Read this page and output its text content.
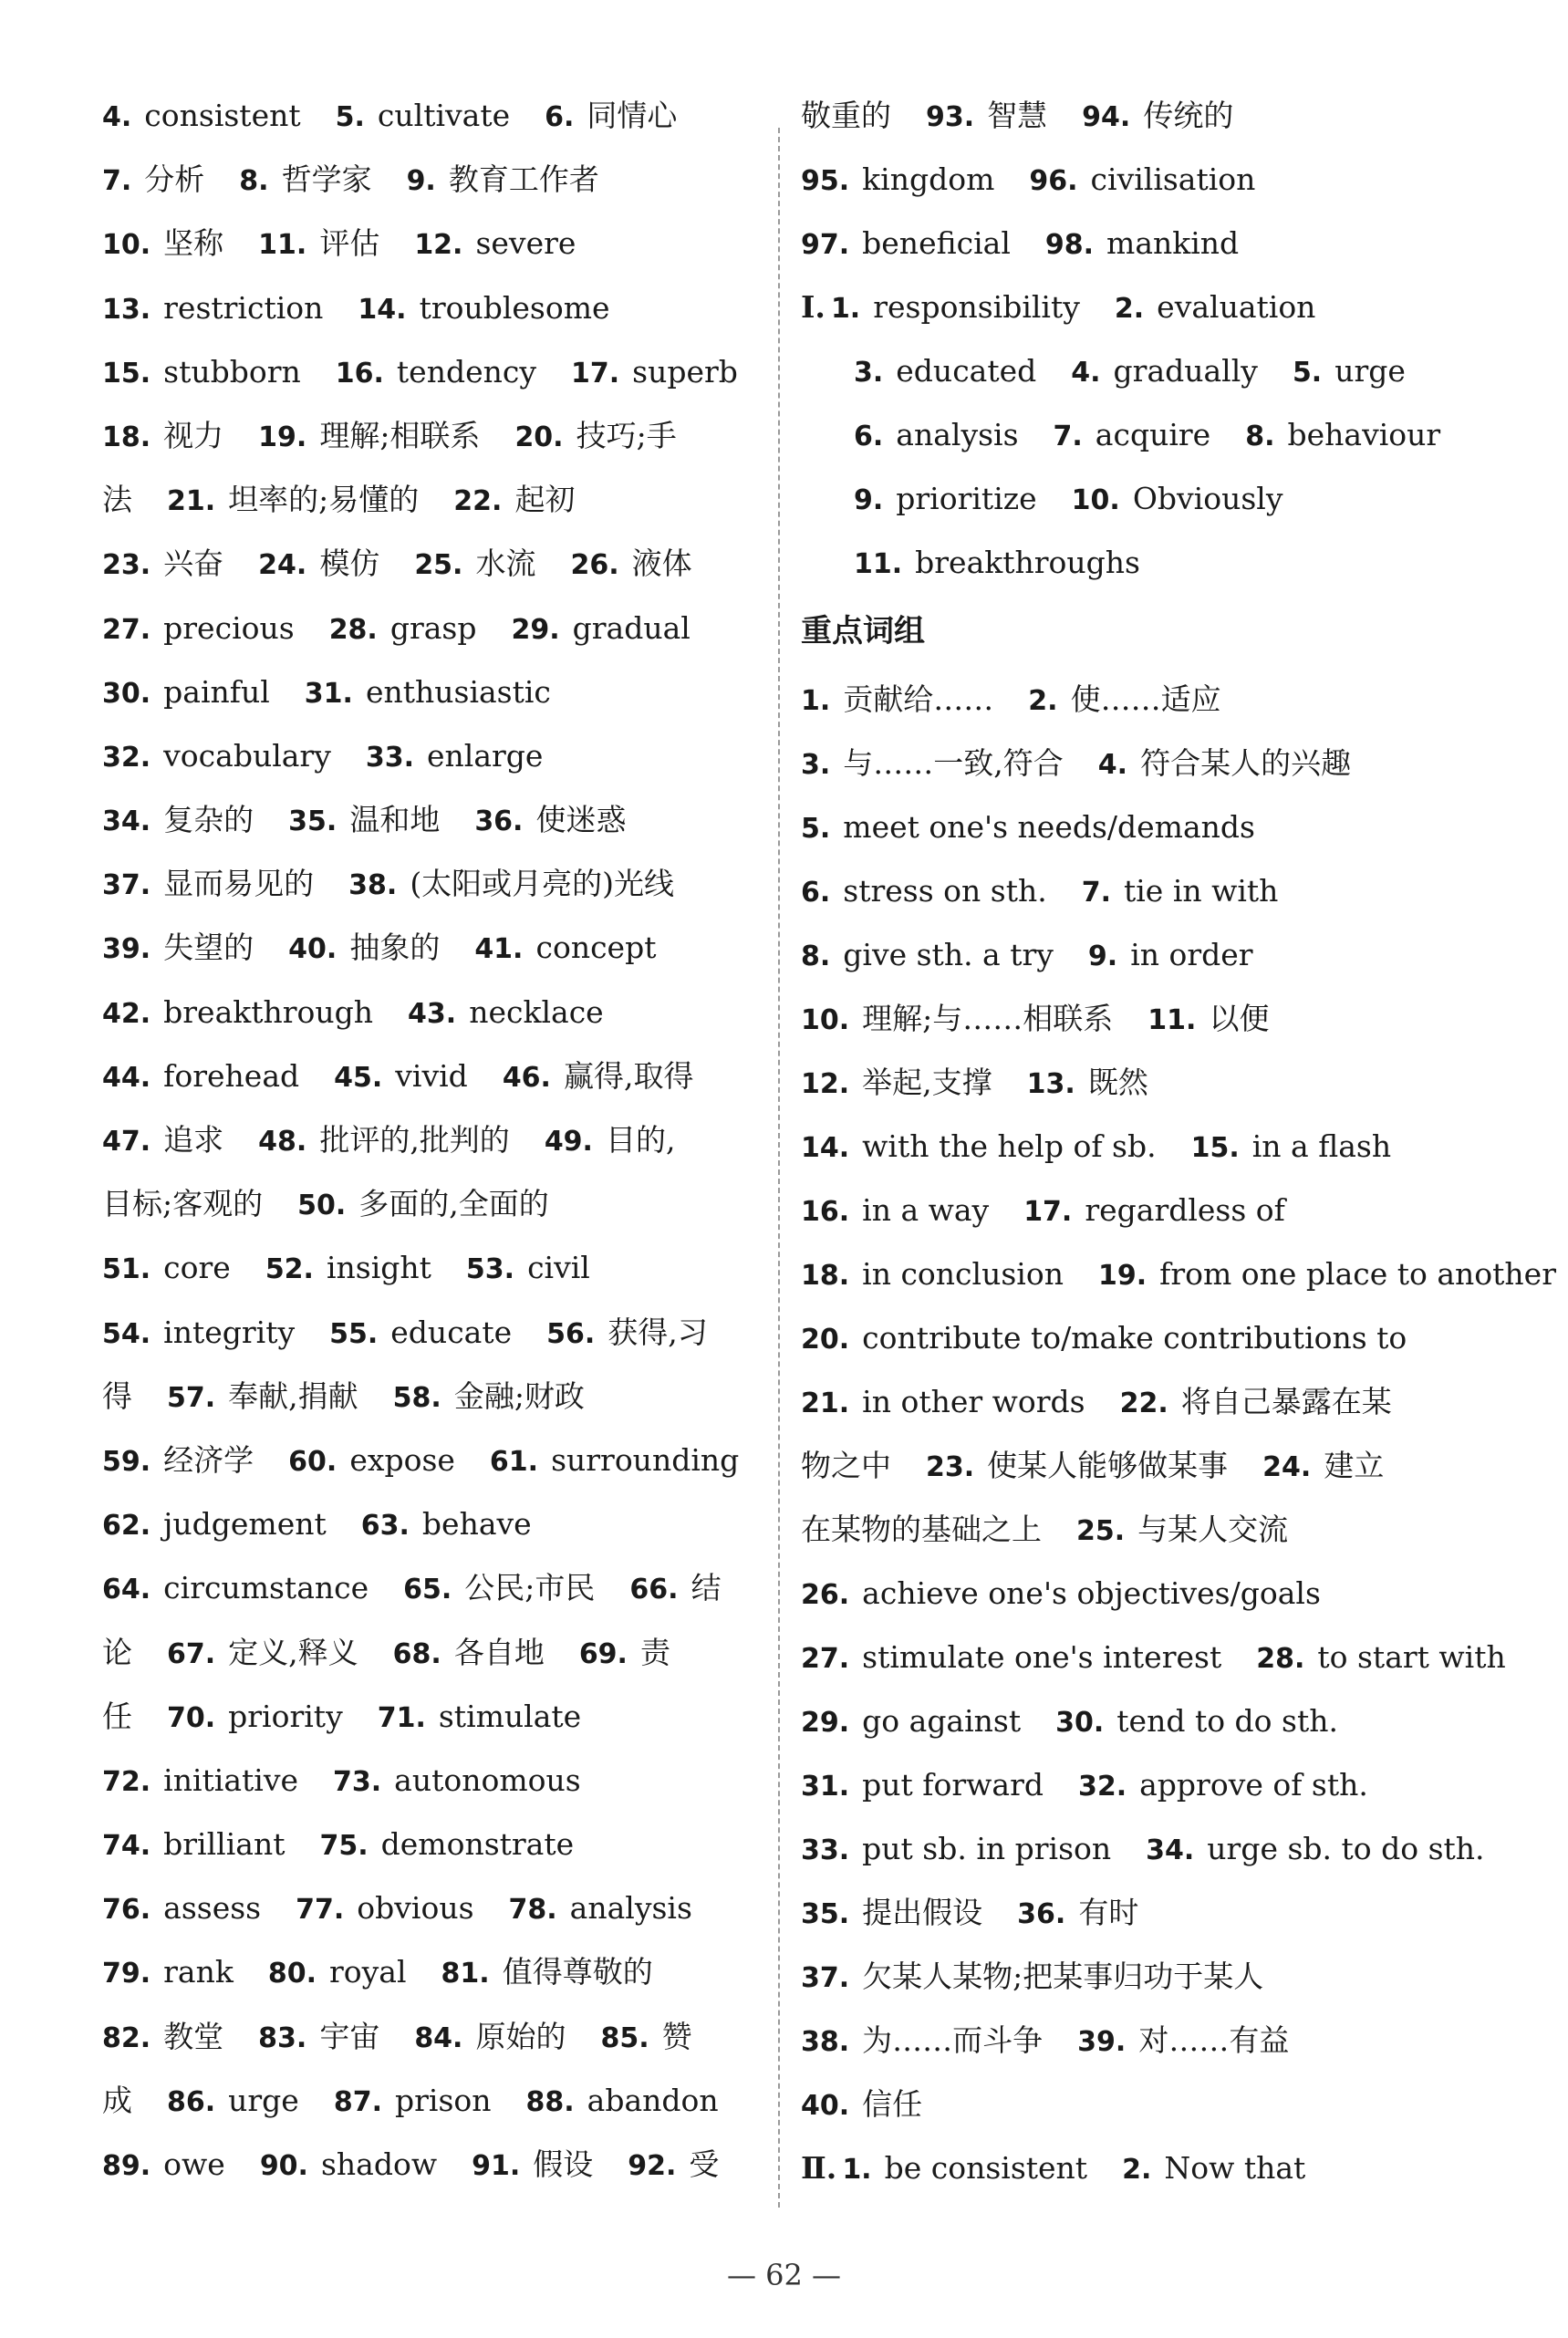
4. consistent 5. cultivate 6. 同情心
7. 分析 8. 哲学家 9. 教育工作者
10. 坚称 11. 评估 12. severe
13. restriction 14. troublesome
15. stubborn 16. tendency 17. superb
18. 视力 19. 理解;相联系 20. 技巧;手
法 21. 坦率的;易懂的 22. 起初
23. 兴奋 24. 模仿 25. 水流 26. 液体
27. precious 28. grasp 29. gradual
30. painful 31. enthusiastic
32. vocabulary 33. enlarge
34. 复杂的 35. 温和地 36. 使迷惑
37. 显而易见的 38. (太阳或月亮的)光线
39. 失望的 40. 抽象的 41. concept
42. breakthrough 43. necklace
44. forehead 45. vivid 46. 赢得,取得
47. 追求 48. 批评的,批判的 49. 目的,
目标;客观的 50. 多面的,全面的
51. core 52. insight 53. civil
54. integrity 55. educate 56. 获得,习
得 57. 奉献,捐献 58. 金融;财政
59. 经济学 60. expose 61. surrounding
62. judgement 63. behave
64. circumstance 65. 公民;市民 66. 结
论 67. 定义,释义 68. 各自地 69. 责
任 70. priority 71. stimulate
72. initiative 73. autonomous
74. brilliant 75. demonstrate
76. assess 77. obvious 78. analysis
79. rank 80. royal 81. 值得尊敬的
82. 教堂 83. 宇宙 84. 原始的 85. 赞
成 86. urge 87. prison 88. abandon
89. owe 90. shadow 91. 假设 92. 受
敬重的 93. 智慧 94. 传统的
95. kingdom 96. civilisation
97. beneficial 98. mankind
Ⅰ. 1. responsibility 2. evaluation
3. educated 4. gradually 5. urge
6. analysis 7. acquire 8. behaviour
9. prioritize 10. Obviously
11. breakthroughs
重点词组
1. 贡献给…… 2. 使……适应
3. 与……一致,符合 4. 符合某人的兴趣
5. meet one's needs/demands
6. stress on sth. 7. tie in with
8. give sth. a try 9. in order
10. 理解;与……相联系 11. 以便
12. 举起,支撑 13. 既然
14. with the help of sb. 15. in a flash
16. in a way 17. regardless of
18. in conclusion 19. from one place to another
20. contribute to/make contributions to
21. in other words 22. 将自己暴露在某
物之中 23. 使某人能够做某事 24. 建立
在某物的基础之上 25. 与某人交流
26. achieve one's objectives/goals
27. stimulate one's interest 28. to start with
29. go against 30. tend to do sth.
31. put forward 32. approve of sth.
33. put sb. in prison 34. urge sb. to do sth.
35. 提出假设 36. 有时
37. 欠某人某物;把某事归功于某人
38. 为……而斗争 39. 对……有益
40. 信任
Ⅱ. 1. be consistent 2. Now that
— 62 —
